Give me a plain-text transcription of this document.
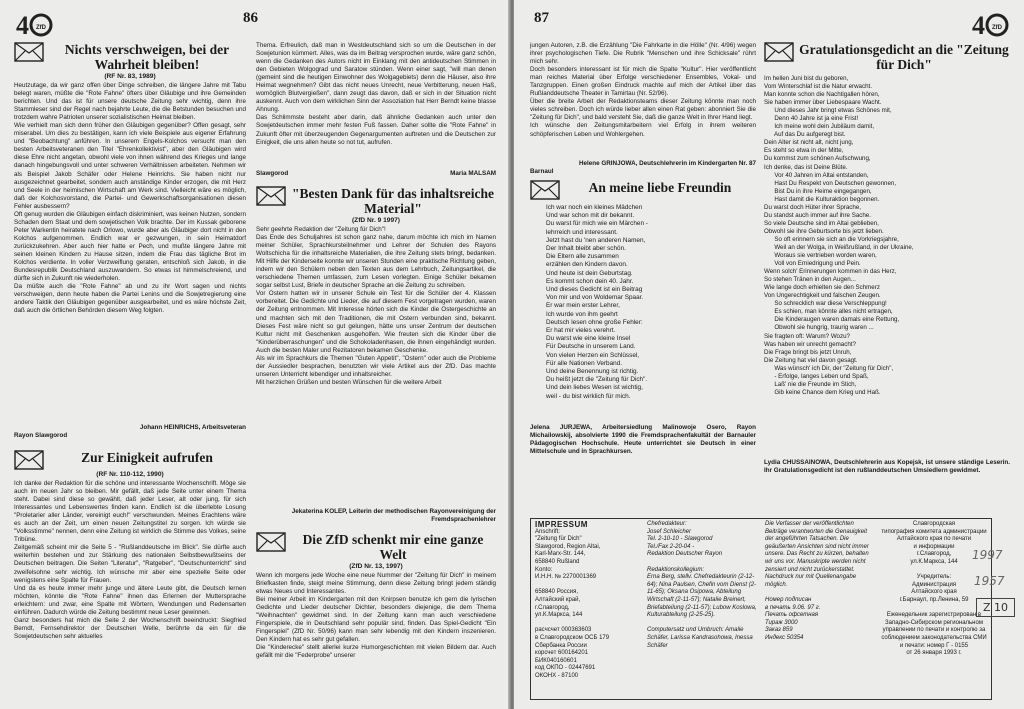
4 ZfD
86

Nichts verschweigen, bei der Wahrheit bleiben!

(RF Nr. 83, 1989)

Heutzutage, da wir ganz offen über Dinge schreiben, die längere Jahre mit Tabu belegt waren, müßte die "Rote Fahne" öfters über Gläubige und ihre Gemeinden berichten. Und das ist für unsere deutsche Zeitung sehr wichtig, denn ihre Stammleser sind der Regel nach bejahrte Leute, die die Betstunden besuchen und trotzdem wahre Patrioten unserer sozialistischen Heimat bleiben.
Wie verhielt man sich denn früher den Gläubigen gegenüber? Offen gesagt, sehr miserabel. Um dies zu bestätigen, kann ich viele Beispiele aus eigener Erfahrung und "Beobachtung" anführen. In unserem Engels-Kolchos versucht man den besten Arbeitsveteranen den Titel "Ehrenkollektivist", aber den Gläubigen wird diese Ehre nicht angetan, obwohl viele von ihnen während des Krieges und lange danach hingebungsvoll und unter schweren Verhältnissen arbeiteten. Nehmen wir als Beispiel Jakob Schäfer oder Helene Heinrichs. Sie haben nicht nur ausgezeichnet gearbeitet, sondern auch anständige Kinder erzogen, die mit Herz und Seele in der heimischen Wirtschaft am Werk sind. Vielleicht wäre es möglich, daß der Kolchosvorstand, die Partei- und Gewerkschaftsorganisationen diesen Fehler ausbessern?
Oft genug wurden die Gläubigen einfach diskriminiert, was keinen Nutzen, sondern Schaden dem Staat und dem sowjetischen Volk brachte. Der im Kussak geborene Peter Warkentin heiratete nach Orlowo, wurde aber als Gläubiger dort nicht in den Kolchos aufgenommen. Endlich war er gezwungen, in sein Heimatdorf zurückzukehren. Aber auch hier hatte er Pech, und mußte längere Jahre mit seinen kleinen Kindern zu Hause sitzen, indem die Frau das tägliche Brot im Kolchos verdiente. In voller Verzweiflung geraten, entschloß sich Jakob, in die Bundesrepublik Deutschland auszuwandern. So etwas ist himmelschreiend, und dürfte sich in Zukunft nie wiederholen.
Da müßte auch die "Rote Fahne" ab und zu ihr Wort sagen und nichts verschweigen, denn heute haben die Partei Lenins und die Sowjetregierung eine andere Taktik den Gläubigen gegenüber ausgearbeitet, und es wäre höchste Zeit, daß auch die örtlichen Behörden diesem Weg folgten.

Johann HEINRICHS, Arbeitsveteran

Rayon Slawgorod

Zur Einigkeit aufrufen

(RF Nr. 110-112, 1990)

Ich danke der Redaktion für die schöne und interessante Wochenschrift. Möge sie auch im neuen Jahr so bleiben. Mir gefällt, daß jede Seite unter einem Thema steht. Dabei sind diese so gewählt, daß jeder Leser, alt oder jung, für sich Interessantes und Lebenswertes finden kann. Endlich ist die überlebte Losung "Proletarier aller Länder, vereinigt euch!" verschwunden. Meines Erachtens wäre es auch an der Zeit, um einen neuen Zeitungstitel zu sorgen. Ich würde sie "Volksstimme" nennen, denn eine Zeitung ist wirklich die Stimme des Volkes, seine Tribüne.
Zeitgemäß scheint mir die Seite 5 - "Rußlanddeutsche im Blick". Sie dürfte auch weiterhin bestehen und zur Stärkung des nationalen Selbstbewußtseins der Deutschen beitragen. Die Seiten "Literatur", "Ratgeber", "Deutschunterricht" sind zweifelsohne sehr wichtig. Ich wünsche mir aber eine spezielle Seite oder wenigstens eine Spalte für Frauen.
Und da es heute immer mehr junge und ältere Leute gibt, die Deutsch lernen möchten, könnte die "Rote Fahne" ihnen das Erlernen der Muttersprache erleichtern: und zwar, eine Spalte mit Wörtern, Wendungen und Redensarten einführen. Dadurch würde die Zeitung bestimmt neue Leser gewinnen.
Ganz besonders hat mich die Seite 2 der Wochenschrift beeindruckt: Siegfried Berndt, Fernsehdirektor der Deutschen Welle, berührte da ein für die Sowjetdeutschen sehr aktuelles

Thema. Erfreulich, daß man in Westdeutschland sich so um die Deutschen in der Sowjetunion kümmert. Alles, was da im Beitrag versprochen wurde, wäre ganz schön, wenn die Gedanken des Autors nicht im Einklang mit den antideutschen Stimmen in den Gebieten Wolgograd und Saratow stünden. Wenn einer sagt, "will man denen (gemeint sind die heutigen Einwohner des Wolgagebiets) denn die Häuser, also ihre Heimat wegnehmen? Gibt das nicht neues Unrecht, neue Verbitterung, neuen Haß, womöglich Blutvergießen", dann zeugt das davon, daß er sich in der Situation nicht auskennt. Auch von dem wirklichen Sinn der Assoziation hat Herr Berndt keine blasse Ahnung.
Das Schlimmste besteht aber darin, daß ähnliche Gedanken auch unter den Sowjetdeutschen immer mehr festen Fuß fassen. Daher sollte die "Rote Fahne" in Zukunft öfter mit überzeugenden Gegenargumenten auftreten und die Deutschen zur Einigkeit, die uns allen heute so not tut, aufrufen.

Slawgorod	Maria MALSAM

"Besten Dank für das inhaltsreiche Material"

(ZfD Nr. 9 1997)

Sehr geehrte Redaktion der "Zeitung für Dich"!
Das Ende des Schuljahres ist schon ganz nahe, darum möchte ich mich im Namen meiner Schüler, Sprachkursteilnehmer und Lehrer der Schulen des Rayons Woltschicha für die inhaltsreiche Materialien, die ihre Zeitung stets bringt, bedanken. Mit Hilfe der Kinderseite konnte wir unseren Stunden eine praktische Richtung geben, indem wir den Schülern neben den Texten aus dem Lehrbuch, Zeitungsartikel, die verschiedene Themen umfassen, zum Lesen vorlegten. Einige Schüler bekamen sogar selbst Lust, Briefe in deutscher Sprache an die Zeitung zu schreiben.
Vor Ostern hatten wir in unserer Schule ein Test für die Schüler der 4. Klassen vorbereitet. Die Gedichte und Lieder, die auf diesem Fest vorgetragen wurden, waren der Zeitung entnommen. Mit Interesse hörten sich die Kinder die Ostergeschichte an und machten sich mit den Traditionen, die mit Ostern verbunden sind, bekannt. Dieses Fest wäre nicht so gut gelungen, hätte uns unser Zentrum der deutschen Kultur nicht mit Geschenken ausgeholfen. Wie freuten sich die Kinder über die "Kinderüberraschungen" und die Schokoladenhasen, die ihnen eingehändigt wurden. Auch die besten Maler und Rezitatoren bekamen Geschenke.
Als wir im Sprachkurs die Themen "Guten Appetit", "Ostern" oder auch die Probleme der Aussiedler besprachen, benutzten wir viele Artikel aus der ZfD. Das machte unseren Unterricht lebendiger und inhaltsreicher.
Mit herzlichen Grüßen und besten Wünschen für die weitere Arbeit

Jekaterina KOLEP, Leiterin der methodischen Rayonvereinigung der Fremdsprachenlehrer

Die ZfD schenkt mir eine ganze Welt

(ZfD Nr. 13, 1997)

Wenn ich morgens jede Woche eine neue Nummer der "Zeitung für Dich" in meinem Briefkasten finde, steigt meine Stimmung, denn diese Zeitung bringt jedem ständig etwas Neues und Interessantes.
Bei meiner Arbeit im Kindergarten mit den Knirpsen benutze ich gern die lyrischen Gedichte und Lieder deutscher Dichter, besonders diejenige, die dem Thema "Weihnachten" gewidmet sind. In der Zeitung kann man auch verschiedene Fingerspiele, die in Deutschland sehr populär sind, finden. Das Spiel-Gedicht "Ein Fingerspiel" (ZfD Nr. 50/96) kann man sehr lebendig mit den Kindern inszenieren. Den Kindern hat es sehr gut gefallen.
Die "Kinderecke" stellt allerlei kurze Humorgeschichten mit vielen Bildern dar. Auch gefällt mir die "Federprobe" unserer

87	4 ZfD

jungen Autoren, z.B. die Erzählung "Die Fahrkarte in die Hölle" (Nr. 4/96) wegen ihrer psychologischen Tiefe. Die Rubrik "Menschen und ihre Schicksale" rührt mich sehr.
Doch besonders interessant ist für mich die Spalte "Kultur". Hier veröffentlicht man reiches Material über Erfolge verschiedener Ensembles, Vokal- und Tanzgruppen. Einen großen Eindruck machte auf mich der Artikel über das Rußlanddeutsche Theater in Tamirtau (Nr. 52/96).
Über die breite Arbeit der Redaktionsteams dieser Zeitung könnte man noch vieles schreiben. Doch ich würde lieber allen einen Rat geben: abonniert Sie die "Zeitung für Dich", und bald versteht Sie, daß die ganze Welt in Ihrer Hand liegt.
Ich wünsche den Zeitungsmitarbeitern viel Erfolg in ihrem weiteren schöpferischen Leben und Wohlergehen.

Helene GRINJOWA, Deutschlehrerin im Kindergarten Nr. 87

Barnaul

An meine liebe Freundin

Ich war noch ein kleines Mädchen
Und war schon mit dir bekannt.
Du warst für mich wie ein Märchen -
lehrreich und interessant.
Jetzt hast du 'nen anderen Namen,
Der Inhalt bleibt aber schön.
Die Eltern alle zusammen
erzählen den Kindern davon.
Und heute ist dein Geburtstag.
Es kommt schon dein 40. Jahr.
Und dieses Gedicht ist ein Beitrag
Von mir und von Woldemar Spaar.
Er war mein erster Lehrer,
Ich wurde von ihm geehrt
Deutsch lesen ohne große Fehler:
Er hat mir vieles verehrt.
Du warst wie eine kleine Insel
Für Deutsche in unserem Land.
Von vielen Herzen ein Schlüssel,
Für alle Nationen Verband.
Und deine Benennung ist richtig.
Du heißt jetzt die "Zeitung für Dich".
Und dein liebes Wesen ist wichtig,
weil - du bist wirklich für mich.

Jelena JURJEWA, Arbeitersiedlung Malinowoje Osero, Rayon Michailowskij, absolvierte 1990 die Fremdsprachenfakultät der Barnauler Pädagogischen Hochschule. Heute unterrichtet sie Deutsch in einer Mittelschule und in Sprachkursen.

Gratulationsgedicht an die "Zeitung für Dich"

Im hellen Juni bist du geboren,
Vom Winterschlaf ist die Natur erwacht.
Man konnte schon die Nachtigallen hören,
Sie haben immer über Liebespaare Wacht.
Und dieses Jahr bringt etwas Schönes mit,
Denn 40 Jahre ist ja eine Frist!
Ich meine wohl dein Jubiläum damit,
Auf das Du aufgeregt bist.
Dein Alter ist nicht alt, nicht jung,
Es steht so etwa in der Mitte,
Du kommst zum schönen Aufschwung,
Ich denke, das ist Deine Blüte.
Vor 40 Jahren im Altai entstanden,
Hast Du Respekt von Deutschen gewonnen,
Bist Du in ihre Heime eingegangen,
Hast damit die Kulturaktion begonnen.
Du warst doch Hüter ihrer Sprache,
Du standst auch immer auf ihre Sache.
So viele Deutsche sind im Altai geblieben,
Obwohl sie ihre Geburtsorte bis jetzt lieben.
So oft erinnern sie sich an die Vorkriegsjahre,
Weil an der Wolga, in Weißrußland, in der Ukraine,
Woraus sie vertrieben worden waren,
Voll von Erniedrigung und Pein.
Wenn solch' Erinnerungen kommen in das Herz,
So stehen Tränen in den Augen...
Wie lange doch erhielten sie den Schmerz
Von Ungerechtigkeit und falschen Zeugen.
So schrecklich war diese Verschleppung!
Es schien, man könnte alles nicht ertragen,
Die Kinderaugen waren damals eine Rettung,
Obwohl sie hungrig, traurig waren ...
Sie fragten oft: Warum? Wozu?
Was haben wir unrecht gemacht?
Die Frage bringt bis jetzt Unruh,
Die Zeitung hat viel davon gesagt.
Was wünsch' ich Dir, der "Zeitung für Dich",
- Erfolge, langes Leben und Spaß,
Laß' nie die Freunde im Stich,
Gib keine Chance dem Krieg und Haß.

Lydia CHUSSAINOWA, Deutschlehrerin aus Kopejsk, ist unsere ständige Leserin. Ihr Gratulationsgedicht ist den rußlanddeutschen Umsiedlern gewidmet.

IMPRESSUM
Anschrift:
"Zeitung für Dich"
Slawgorod, Region Altai,
Karl-Marx-Str. 144,
658840 Rußland
Konto:
И.Н.Н. № 2270001369

658840 Россия,
Алтайский край,
г.Славгород,
ул.К.Маркса, 144

расчсчет 000363603
в Славгородском ОСБ 179
Сбербанка России
корсчет 600164201
БИК040160601
код ОКПО - 02447691
ОКОНХ - 87100
Chefredakteur:
Josef Schleicher
Tel. 2-10-10 - Slawgorod
Tel./Fax 2-20-04 -
Redaktion Deutscher Rayon

Redaktionskollegium:
Erna Berg, stellv. Chefredakteurin (2-12-64); Nina Paulsen, Chefin vom Dienst (2-11-65); Oksana Osipowa, Abteilung Wirtschaft (2-11-57); Natalie Breinert, Briefabteilung (2-11-57); Lubow Koslowa, Kulturabteilung (2-25-25).

Computersatz und Umbruch: Amalie Schäfer, Larissa Kandrasohowa, Inessa Schäfer
Die Verfasser der veröffentlichten Beiträge verantworten die Genauigkeit der angeführten Tatsachen. Die geäußerten Ansichten sind nicht immer unsere. Das Recht zu kürzen, behalten wir uns vor. Manuskripte werden nicht zensiert und nicht zurückerstattet. Nachdruck nur mit Quellenangabe möglich.

Номер подписан
в печать 9.06. 97 г.
Печать офсетная
Тираж 3000
Заказ 859
Индекс 50354
Славгородская
типография комитета администрации Алтайского края по печати
и информации
г.Славгород,
ул.К.Маркса, 144

Учредитель:
Администрация
Алтайского края
г.Барнаул, пр.Ленина, 59

Еженедельник зарегистрирован в Западно-Сибирском региональном управлении по печати и контролю за соблюдением законодательства СМИ и печати: номер Г - 0155
от 26 января 1993 г.
1997
1957
Z 10
